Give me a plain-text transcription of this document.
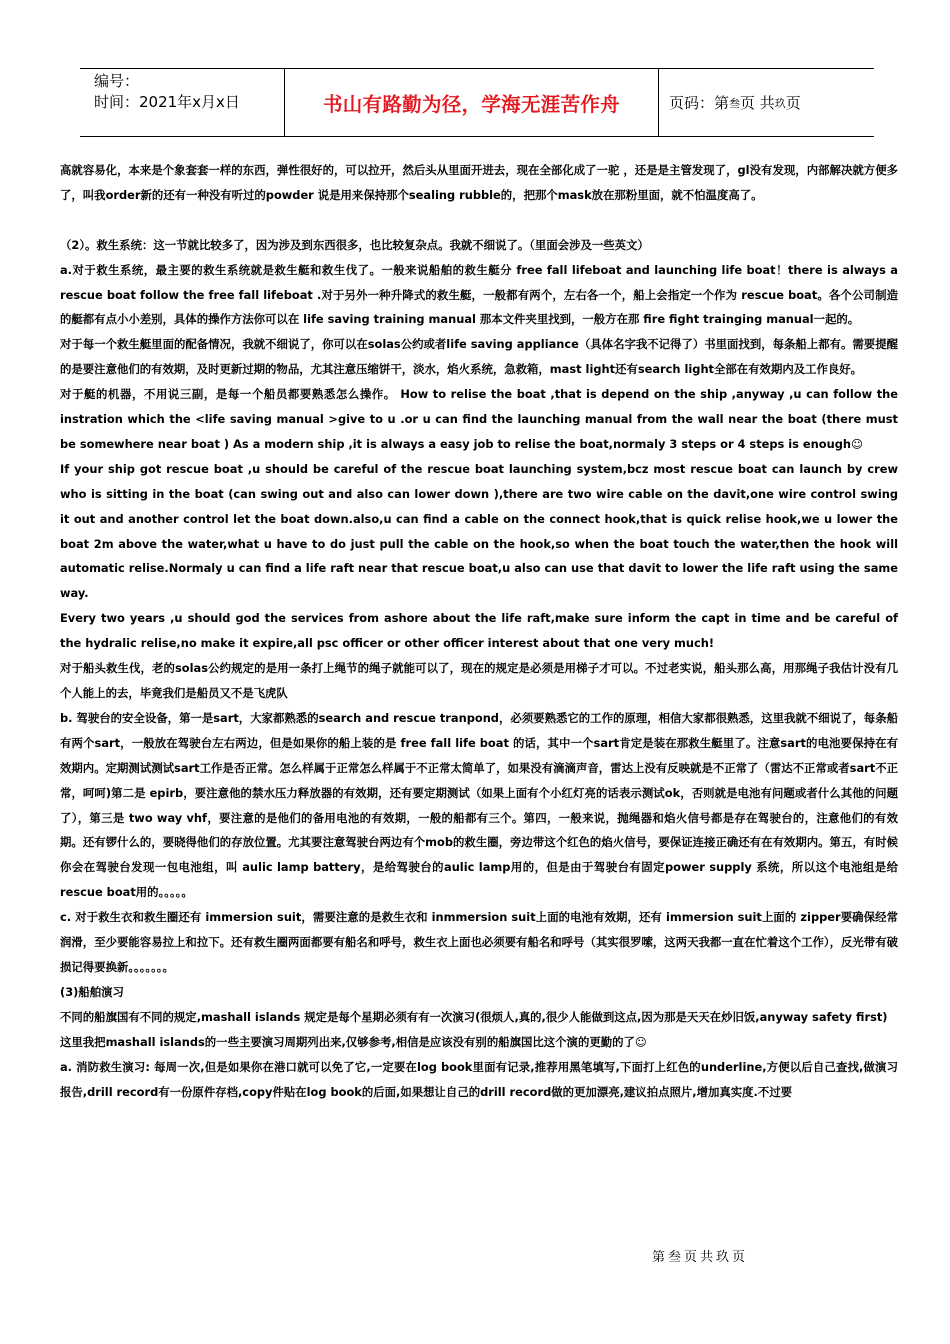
编号：
时间：2021年x月x日	书山有路勤为径，学海无涯苦作舟	页码：第 叁 页 共 玖 页

高就容易化，本来是个象套套一样的东西，弹性很好的，可以拉开，然后头从里面开进去，现在全部化成了一驼 ，还是是主管发现了，gl没有发现，内部解决就方便多了，叫我order新的还有一种没有听过的powder 说是用来保持那个sealing rubble的，把那个mask放在那粉里面，就不怕温度高了。

（2）。救生系统：这一节就比较多了，因为涉及到东西很多，也比较复杂点。我就不细说了。（里面会涉及一些英文）

a.对于救生系统，最主要的救生系统就是救生艇和救生伐了。一般来说船舶的救生艇分 free fall lifeboat and launching life boat！there is always a rescue boat follow the free fall lifeboat .对于另外一种升降式的救生艇，一般都有两个，左右各一个，船上会指定一个作为 rescue boat。各个公司制造的艇都有点小小差别，具体的操作方法你可以在 life saving training manual 那本文件夹里找到，一般方在那 fire fight trainging manual一起的。

对于每一个救生艇里面的配备情况，我就不细说了，你可以在solas公约或者life saving appliance（具体名字我不记得了）书里面找到，每条船上都有。需要提醒的是要注意他们的有效期，及时更新过期的物品，尤其注意压缩饼干，淡水，焰火系统，急救箱，mast light还有search light全部在有效期内及工作良好。

对于艇的机器，不用说三副，是每一个船员都要熟悉怎么操作。 How to relise the boat ,that is depend on the ship ,anyway ,u can follow the instration which the <life saving manual >give to u .or u can find the launching manual from the wall near the boat (there must be somewhere near boat ) As a modern ship ,it is always a easy job to relise the boat,normaly 3 steps or 4 steps is enough☺

If your ship got rescue boat ,u should be careful of the rescue boat launching system,bcz most rescue boat can launch by crew who is sitting in the boat (can swing out and also can lower down ),there are two wire cable on the davit,one wire control swing it out and another control let the boat down.also,u can find a cable on the connect hook,that is quick relise hook,we u lower the boat 2m above the water,what u have to do just pull the cable on the hook,so when the boat touch the water,then the hook will automatic relise.Normaly u can find a life raft near that rescue boat,u also can use that davit to lower the life raft using the same way.

Every two years ,u should god the services from ashore about the life raft,make sure inform the capt in time and be careful of the hydralic relise,no make it expire,all psc officer or other officer interest about that one very much!

对于船头救生伐，老的solas公约规定的是用一条打上绳节的绳子就能可以了，现在的规定是必须是用梯子才可以。不过老实说，船头那么高，用那绳子我估计没有几个人能上的去，毕竟我们是船员又不是飞虎队

b. 驾驶台的安全设备，第一是sart，大家都熟悉的search and rescue tranpond，必须要熟悉它的工作的原理，相信大家都很熟悉，这里我就不细说了，每条船有两个sart，一般放在驾驶台左右两边，但是如果你的船上装的是 free fall life boat 的话，其中一个sart肯定是装在那救生艇里了。注意sart的电池要保持在有效期内。定期测试测试sart工作是否正常。怎么样属于正常怎么样属于不正常太简单了，如果没有滴滴声音，雷达上没有反映就是不正常了（雷达不正常或者sart不正常，呵呵)第二是 epirb，要注意他的禁水压力释放器的有效期，还有要定期测试（如果上面有个小红灯亮的话表示测试ok，否则就是电池有问题或者什么其他的问题了），第三是 two way vhf，要注意的是他们的备用电池的有效期，一般的船都有三个。第四，一般来说，抛绳器和焰火信号都是存在驾驶台的，注意他们的有效期。还有锣什么的，要晓得他们的存放位置。尤其要注意驾驶台两边有个mob的救生圈，旁边带这个红色的焰火信号，要保证连接正确还有在有效期内。第五，有时候你会在驾驶台发现一包电池组，叫 aulic lamp battery，是给驾驶台的aulic lamp用的，但是由于驾驶台有固定power supply 系统，所以这个电池组是给rescue boat用的。。。。。

c. 对于救生衣和救生圈还有 immersion suit，需要注意的是救生衣和 inmmersion suit上面的电池有效期，还有 immersion suit上面的 zipper要确保经常润滑，至少要能容易拉上和拉下。还有救生圈两面都要有船名和呼号，救生衣上面也必须要有船名和呼号（其实很罗嗦，这两天我都一直在忙着这个工作），反光带有破损记得要换新。。。。。。。

(3)船舶演习

不同的船旗国有不同的规定,mashall islands 规定是每个星期必须有有一次演习(很烦人,真的,很少人能做到这点,因为那是天天在炒旧饭,anyway safety first)

这里我把mashall islands的一些主要演习周期列出来,仅够参考,相信是应该没有别的船旗国比这个演的更勤的了☺

a. 消防救生演习: 每周一次,但是如果你在港口就可以免了它,一定要在log book里面有记录,推荐用黑笔填写,下面打上红色的underline,方便以后自己查找,做演习报告,drill record有一份原件存档,copy件贴在log book的后面,如果想让自己的drill record做的更加漂亮,建议拍点照片,增加真实度.不过要

第叁页共玖页
